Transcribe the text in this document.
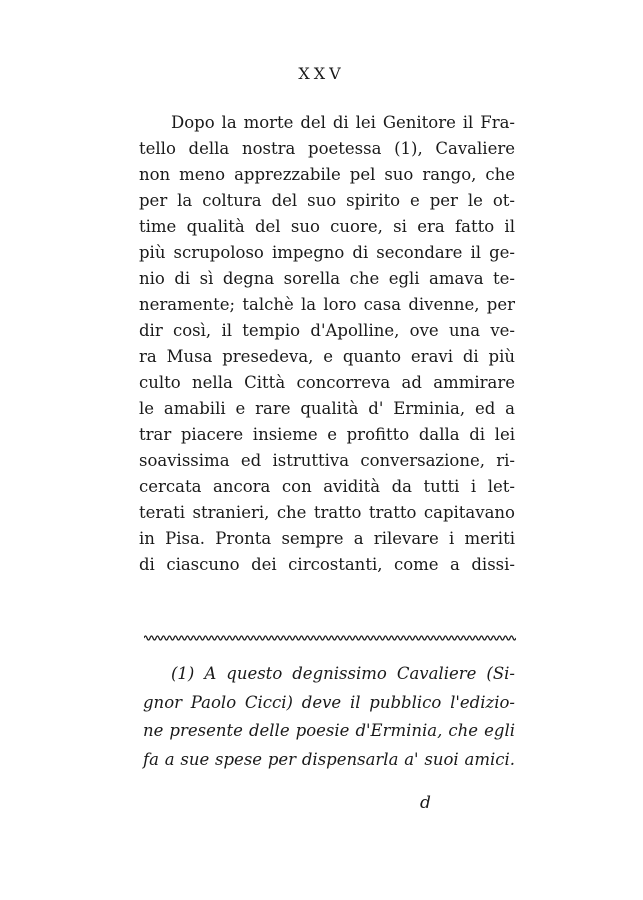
XXV
Dopo la morte del di lei Genitore il Fra-
tello della nostra poetessa (1), Cavaliere
non meno apprezzabile pel suo rango, che
per la coltura del suo spirito e per le ot-
time qualità del suo cuore, si era fatto il
più scrupoloso impegno di secondare il ge-
nio di sì degna sorella che egli amava te-
neramente; talchè la loro casa divenne, per
dir così, il tempio d'Apolline, ove una ve-
ra Musa presedeva, e quanto eravi di più
culto nella Città concorreva ad ammirare
le amabili e rare qualità d' Erminia, ed a
trar piacere insieme e profitto dalla di lei
soavissima ed istruttiva conversazione, ri-
cercata ancora con avidità da tutti i let-
terati stranieri, che tratto tratto capitavano
in Pisa. Pronta sempre a rilevare i meriti
di ciascuno dei circostanti, come a dissi-
(1) A questo degnissimo Cavaliere (Si-
gnor Paolo Cicci) deve il pubblico l'edizio-
ne presente delle poesie d'Erminia, che egli
fa a sue spese per dispensarla a' suoi amici.
d
